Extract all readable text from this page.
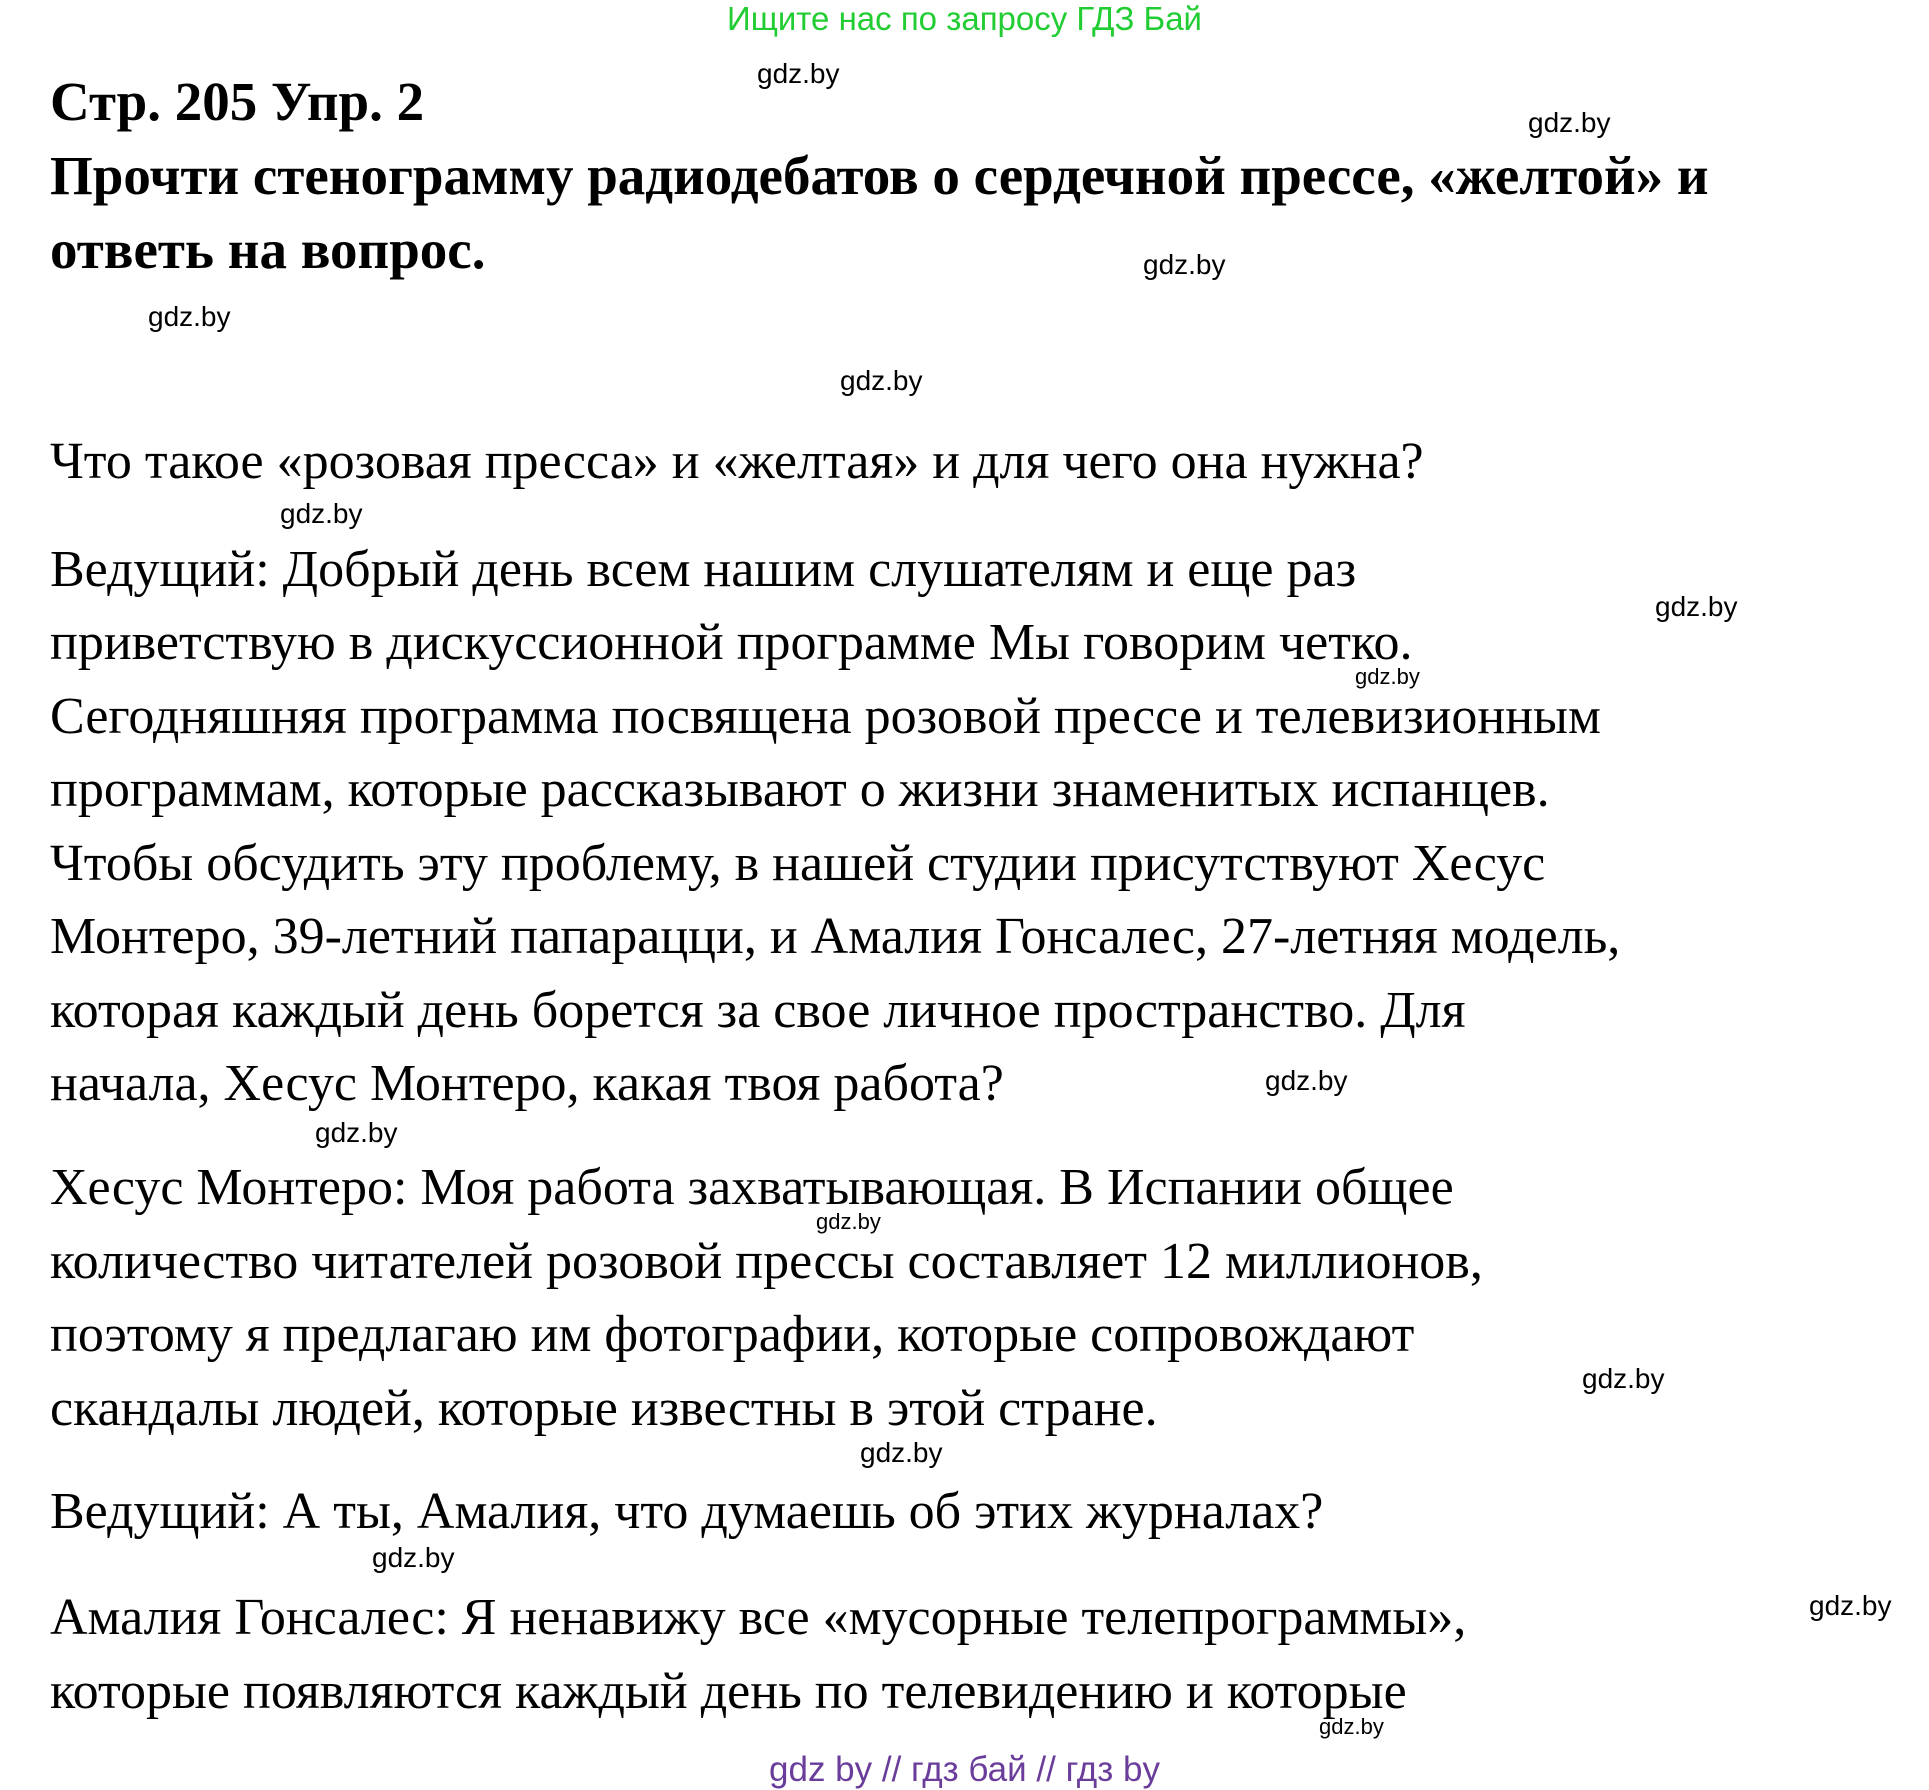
Ищите нас по запросу ГДЗ Бай
Стр. 205 Упр. 2
Прочти стенограмму радиодебатов о сердечной прессе, «желтой» и
ответь на вопрос.
Что такое «розовая пресса» и «желтая» и для чего она нужна?
Ведущий: Добрый день всем нашим слушателям и еще раз
приветствую в дискуссионной программе Мы говорим четко.
Сегодняшняя программа посвящена розовой прессе и телевизионным
программам, которые рассказывают о жизни знаменитых испанцев.
Чтобы обсудить эту проблему, в нашей студии присутствуют Хесус
Монтеро, 39-летний папарацци, и Амалия Гонсалес, 27-летняя модель,
которая каждый день борется за свое личное пространство. Для
начала, Хесус Монтеро, какая твоя работа?
Хесус Монтеро: Моя работа захватывающая. В Испании общее
количество читателей розовой прессы составляет 12 миллионов,
поэтому я предлагаю им фотографии, которые сопровождают
скандалы людей, которые известны в этой стране.
Ведущий: А ты, Амалия, что думаешь об этих журналах?
Амалия Гонсалес: Я ненавижу все «мусорные телепрограммы»,
которые появляются каждый день по телевидению и которые
gdz.by
gdz.by
gdz.by
gdz.by
gdz.by
gdz.by
gdz.by
gdz.by
gdz.by
gdz.by
gdz.by
gdz.by
gdz.by
gdz.by
gdz.by
gdz.by
gdz by // гдз бай // гдз by
